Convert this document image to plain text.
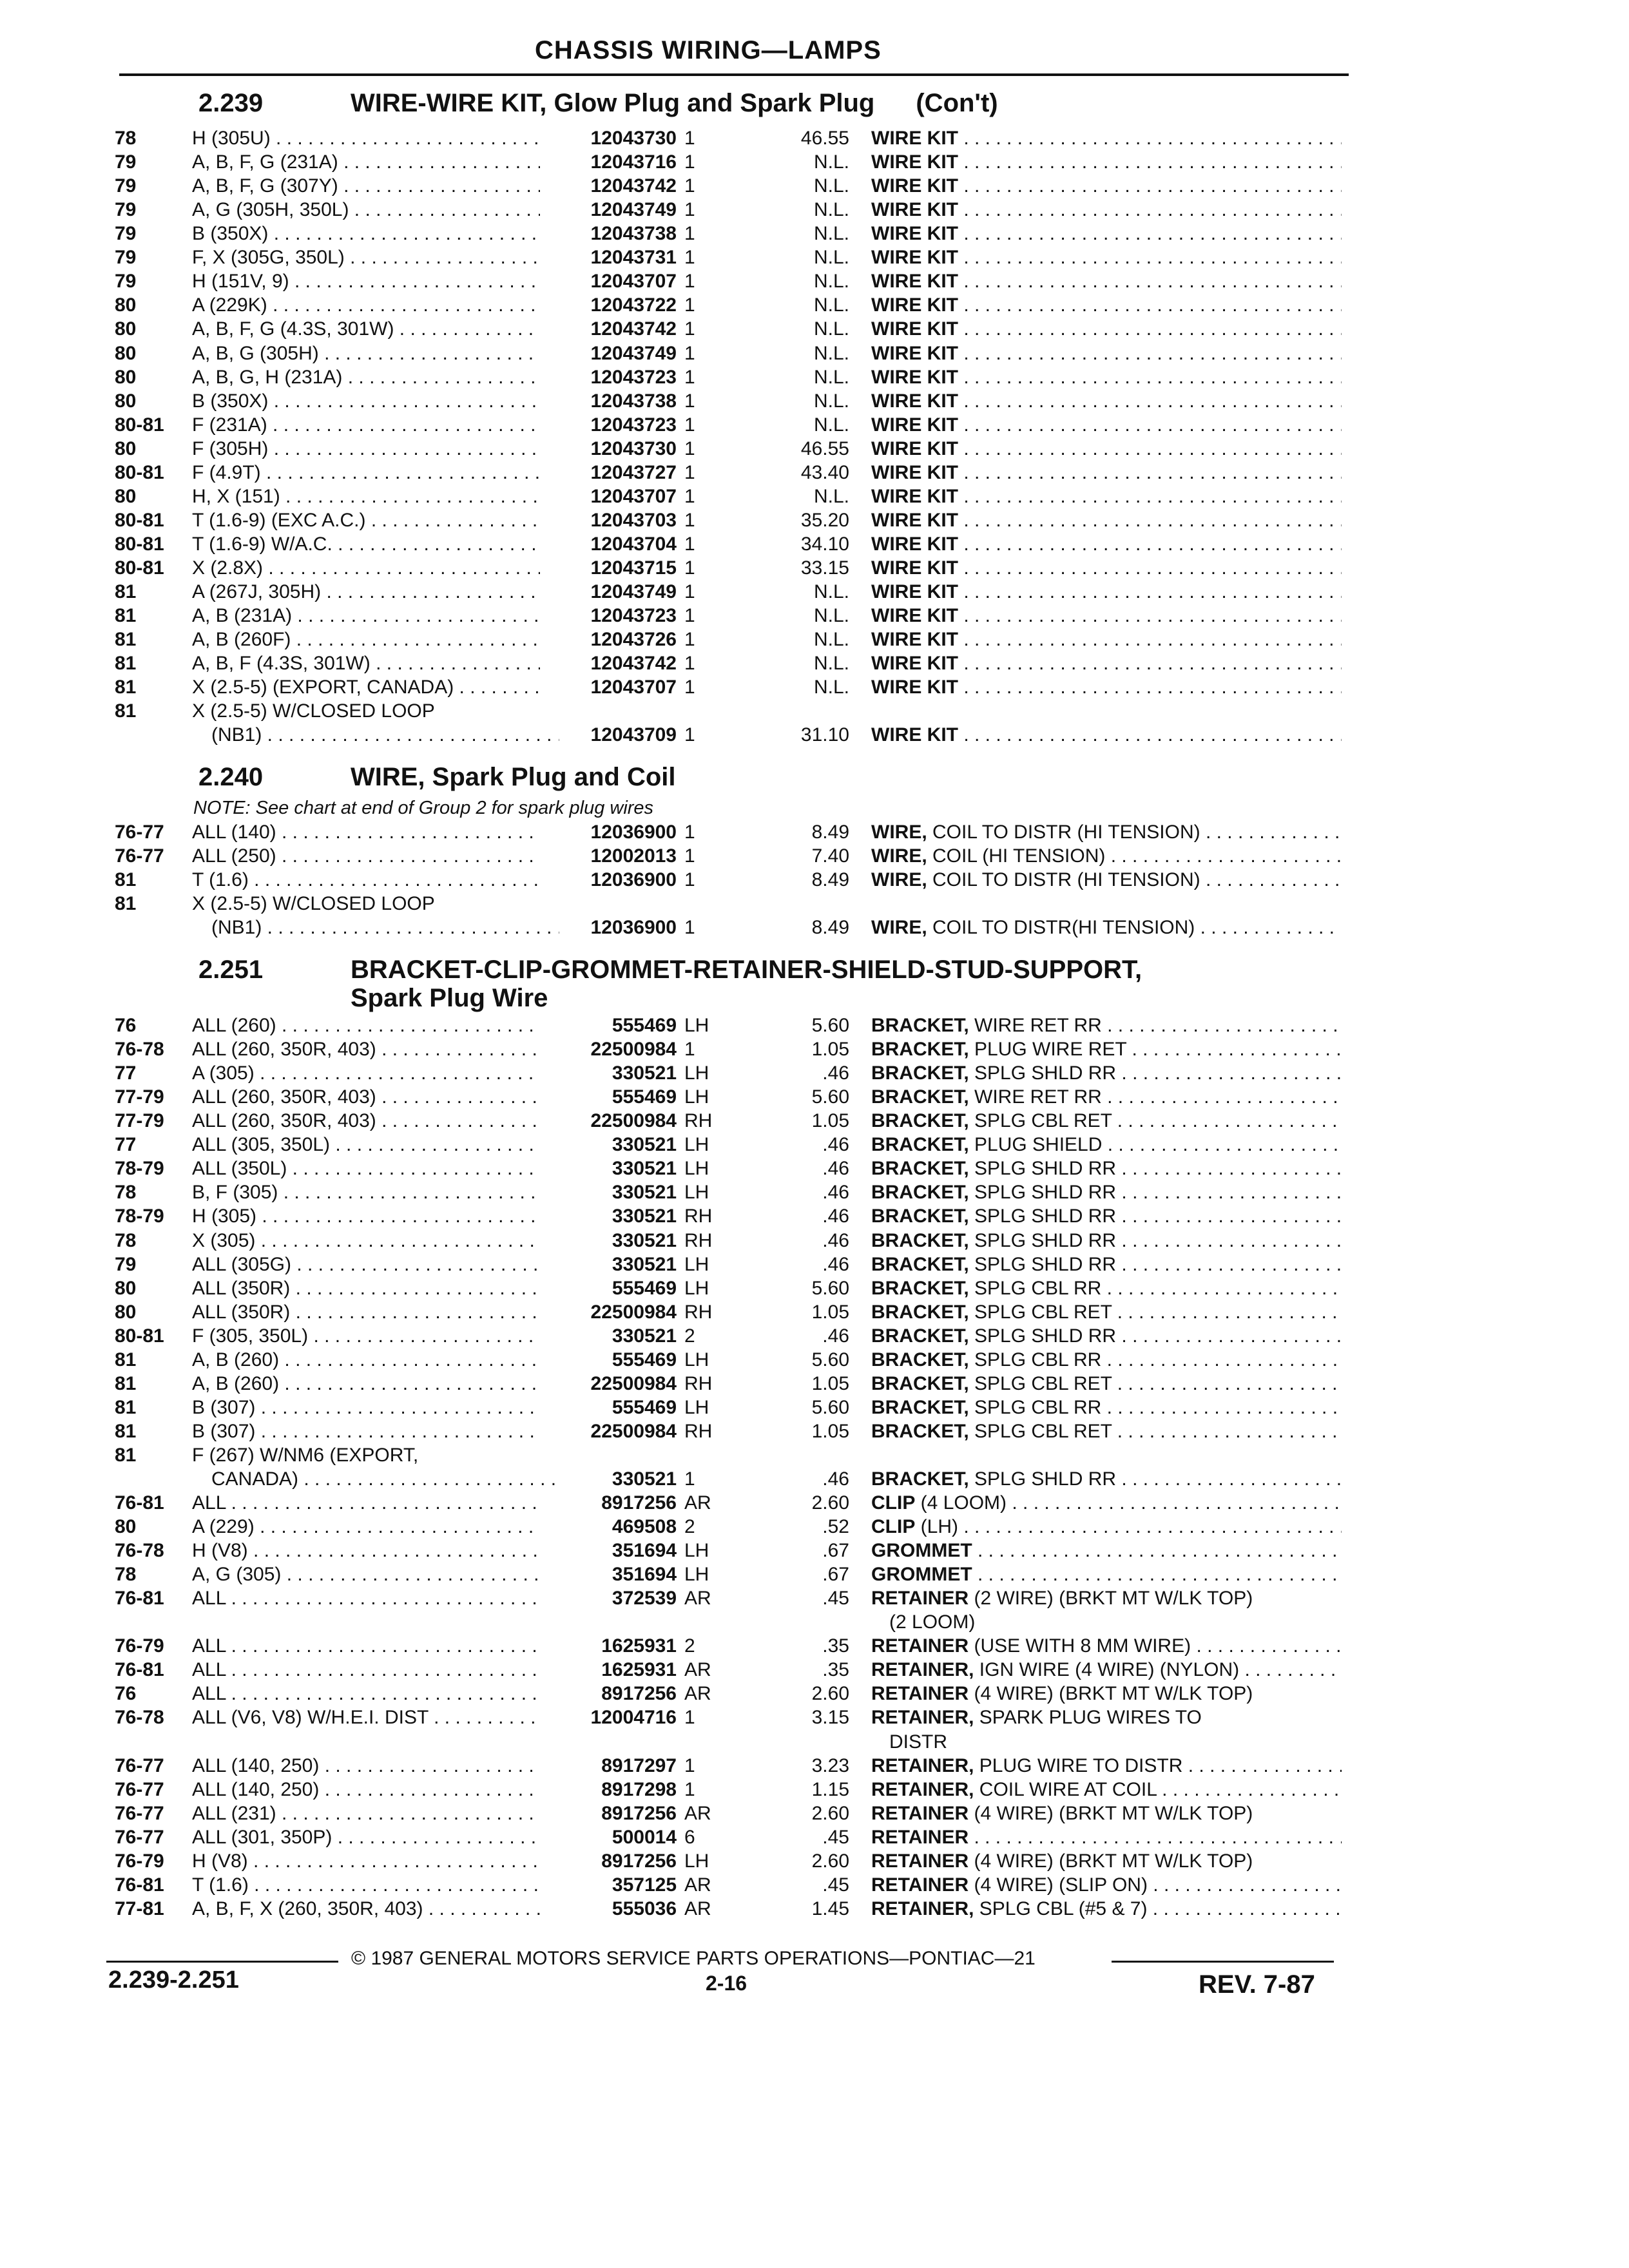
CHASSIS WIRING—LAMPS
2.239	WIRE-WIRE KIT, Glow Plug and Spark Plug (Con't)
78	H (305U) . . .	12043730 1	46.55 WIRE KIT . . .
79	A, B, F, G (231A) . . .	12043716 1	N.L. WIRE KIT . . .
79	A, B, F, G (307Y) . . .	12043742 1	N.L. WIRE KIT . . .
79	A, G (305H, 350L) . . .	12043749 1	N.L. WIRE KIT . . .
79	B (350X) . . .	12043738 1	N.L. WIRE KIT . . .
79	F, X (305G, 350L) . . .	12043731 1	N.L. WIRE KIT . . .
79	H (151V, 9) . . .	12043707 1	N.L. WIRE KIT . . .
80	A (229K) . . .	12043722 1	N.L. WIRE KIT . . .
80	A, B, F, G (4.3S, 301W) . . .	12043742 1	N.L. WIRE KIT . . .
80	A, B, G (305H) . . .	12043749 1	N.L. WIRE KIT . . .
80	A, B, G, H (231A) . . .	12043723 1	N.L. WIRE KIT . . .
80	B (350X) . . .	12043738 1	N.L. WIRE KIT . . .
80-81	F (231A) . . .	12043723 1	N.L. WIRE KIT . . .
80	F (305H) . . .	12043730 1	46.55 WIRE KIT . . .
80-81	F (4.9T) . . .	12043727 1	43.40 WIRE KIT . . .
80	H, X (151) . . .	12043707 1	N.L. WIRE KIT . . .
80-81	T (1.6-9) (EXC A.C.) . . .	12043703 1	35.20 WIRE KIT . . .
80-81	T (1.6-9) W/A.C. . . .	12043704 1	34.10 WIRE KIT . . .
80-81	X (2.8X) . . .	12043715 1	33.15 WIRE KIT . . .
81	A (267J, 305H) . . .	12043749 1	N.L. WIRE KIT . . .
81	A, B (231A) . . .	12043723 1	N.L. WIRE KIT . . .
81	A, B (260F) . . .	12043726 1	N.L. WIRE KIT . . .
81	A, B, F (4.3S, 301W) . . .	12043742 1	N.L. WIRE KIT . . .
81	X (2.5-5) (EXPORT, CANADA) . . .	12043707 1	N.L. WIRE KIT . . .
81	X (2.5-5) W/CLOSED LOOP
(NB1) . . .	12043709 1	31.10 WIRE KIT . . .
2.240	WIRE, Spark Plug and Coil
NOTE: See chart at end of Group 2 for spark plug wires
76-77	ALL (140) . . .	12036900 1	8.49 WIRE, COIL TO DISTR (HI TENSION) . . .
76-77	ALL (250) . . .	12002013 1	7.40 WIRE, COIL (HI TENSION) . . .
81	T (1.6) . . .	12036900 1	8.49 WIRE, COIL TO DISTR (HI TENSION) . . .
81	X (2.5-5) W/CLOSED LOOP
(NB1) . . .	12036900 1	8.49 WIRE, COIL TO DISTR(HI TENSION) . . .
2.251	BRACKET-CLIP-GROMMET-RETAINER-SHIELD-STUD-SUPPORT,
Spark Plug Wire
76	ALL (260) . . .	555469 LH	5.60 BRACKET, WIRE RET RR . . .
76-78	ALL (260, 350R, 403) . . .	22500984 1	1.05 BRACKET, PLUG WIRE RET . . .
77	A (305) . . .	330521 LH	.46 BRACKET, SPLG SHLD RR . . .
77-79	ALL (260, 350R, 403) . . .	555469 LH	5.60 BRACKET, WIRE RET RR . . .
77-79	ALL (260, 350R, 403) . . .	22500984 RH	1.05 BRACKET, SPLG CBL RET . . .
77	ALL (305, 350L) . . .	330521 LH	.46 BRACKET, PLUG SHIELD . . .
78-79	ALL (350L) . . .	330521 LH	.46 BRACKET, SPLG SHLD RR . . .
78	B, F (305) . . .	330521 LH	.46 BRACKET, SPLG SHLD RR . . .
78-79	H (305) . . .	330521 RH	.46 BRACKET, SPLG SHLD RR . . .
78	X (305) . . .	330521 RH	.46 BRACKET, SPLG SHLD RR . . .
79	ALL (305G) . . .	330521 LH	.46 BRACKET, SPLG SHLD RR . . .
80	ALL (350R) . . .	555469 LH	5.60 BRACKET, SPLG CBL RR . . .
80	ALL (350R) . . .	22500984 RH	1.05 BRACKET, SPLG CBL RET . . .
80-81	F (305, 350L) . . .	330521 2	.46 BRACKET, SPLG SHLD RR . . .
81	A, B (260) . . .	555469 LH	5.60 BRACKET, SPLG CBL RR . . .
81	A, B (260) . . .	22500984 RH	1.05 BRACKET, SPLG CBL RET . . .
81	B (307) . . .	555469 LH	5.60 BRACKET, SPLG CBL RR . . .
81	B (307) . . .	22500984 RH	1.05 BRACKET, SPLG CBL RET . . .
81	F (267) W/NM6 (EXPORT,
CANADA) . . .	330521 1	.46 BRACKET, SPLG SHLD RR . . .
76-81	ALL . . .	8917256 AR	2.60 CLIP (4 LOOM) . . .
80	A (229) . . .	469508 2	.52 CLIP (LH) . . .
76-78	H (V8) . . .	351694 LH	.67 GROMMET . . .
78	A, G (305) . . .	351694 LH	.67 GROMMET . . .
76-81	ALL . . .	372539 AR	.45 RETAINER (2 WIRE) (BRKT MT W/LK TOP)
(2 LOOM)
76-79	ALL . . .	1625931 2	.35 RETAINER (USE WITH 8 MM WIRE) . . .
76-81	ALL . . .	1625931 AR	.35 RETAINER, IGN WIRE (4 WIRE) (NYLON) . . .
76	ALL . . .	8917256 AR	2.60 RETAINER (4 WIRE) (BRKT MT W/LK TOP)
76-78	ALL (V6, V8) W/H.E.I. DIST . . .	12004716 1	3.15 RETAINER, SPARK PLUG WIRES TO
DISTR
76-77	ALL (140, 250) . . .	8917297 1	3.23 RETAINER, PLUG WIRE TO DISTR . . .
76-77	ALL (140, 250) . . .	8917298 1	1.15 RETAINER, COIL WIRE AT COIL . . .
76-77	ALL (231) . . .	8917256 AR	2.60 RETAINER (4 WIRE) (BRKT MT W/LK TOP)
76-77	ALL (301, 350P) . . .	500014 6	.45 RETAINER . . .
76-79	H (V8) . . .	8917256 LH	2.60 RETAINER (4 WIRE) (BRKT MT W/LK TOP)
76-81	T (1.6) . . .	357125 AR	.45 RETAINER (4 WIRE) (SLIP ON) . . .
77-81	A, B, F, X (260, 350R, 403) . . .	555036 AR	1.45 RETAINER, SPLG CBL (#5 & 7) . . .
© 1987 GENERAL MOTORS SERVICE PARTS OPERATIONS—PONTIAC—21
2.239-2.251	2-16	REV. 7-87
